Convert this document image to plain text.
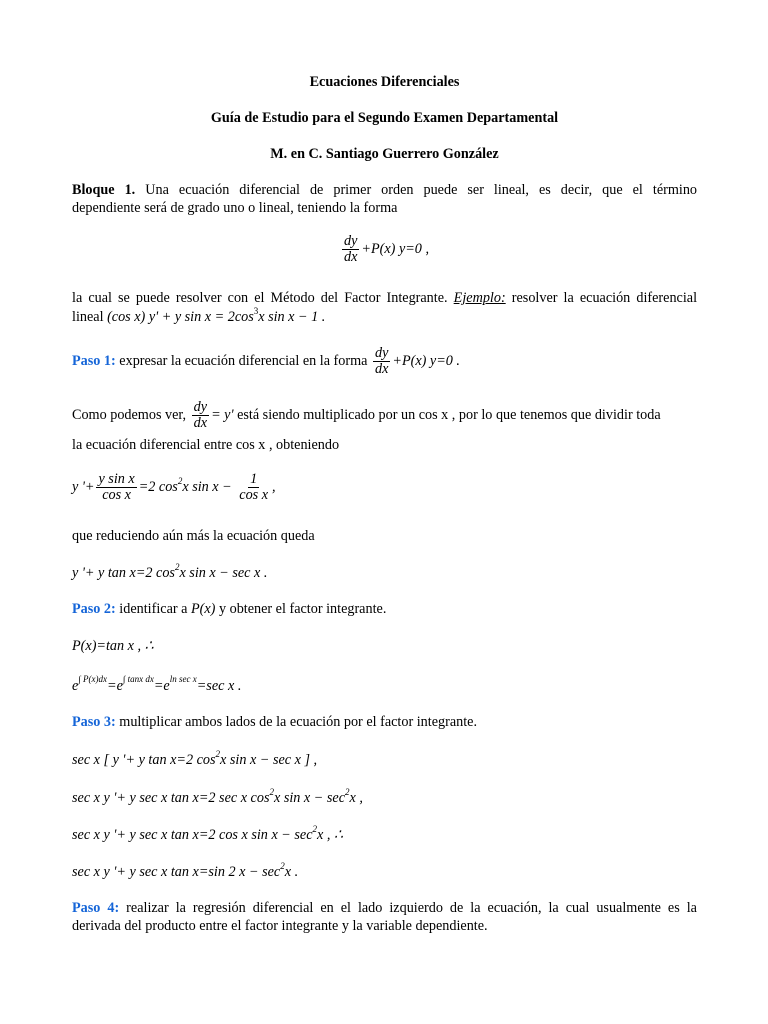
Ecuaciones Diferenciales
Guía de Estudio para el Segundo Examen Departamental
M. en C. Santiago Guerrero González
Bloque 1. Una ecuación diferencial de primer orden puede ser lineal, es decir, que el término
dependiente será de grado uno o lineal, teniendo la forma
$\frac{dy}{dx} +P(x)$ y=0 ,
la cual se puede resolver con el Método del Factor Integrante. Ejemplo: resolver la ecuación diferencial
lineal (cos x) y' + y $\sin x = 2\cos^3x$ sin x − 1 .
Paso 1: expresar la ecuación diferencial en la forma $\frac{dy}{dx} +P(x)$ y=0 .
Como podemos ver, $\frac{dy}{dx} = y'$ está siendo multiplicado por un cos x , por lo que tenemos que dividir toda
la ecuación diferencial entre cos x , obteniendo
y '+ $\frac{\text{y sin x}}{\text{cos x}} =2$ $\cos^2x$ $\sin x - \frac{1}{\text{cos x}}$ ,
que reduciendo aún más la ecuación queda
y '+ y tan x=2 $\cos^2x$ sin x − sec x .
Paso 2: identificar a P(x) y obtener el factor integrante.
P(x)=tan x , ∴
$e^{\int P(x)dx}=e^{\int tanx dx}=e^{ln sec x}=\sec$ x .
Paso 3: multiplicar ambos lados de la ecuación por el factor integrante.
sec x [ y '+ y tan x=2 $\cos^2x$ sin x − sec x ] ,
sec x y '+ y sec x tan x=2 sec x $\cos^2x$ $\sin x - \sec^2x$ ,
sec x y '+ y sec x tan x=2 cos x $\sin x - \sec^2x$ , ∴
sec x y '+ y sec x tan x=sin 2 $x - \sec^2x$ .
Paso 4: realizar la regresión diferencial en el lado izquierdo de la ecuación, la cual usualmente es la
derivada del producto entre el factor integrante y la variable dependiente.
